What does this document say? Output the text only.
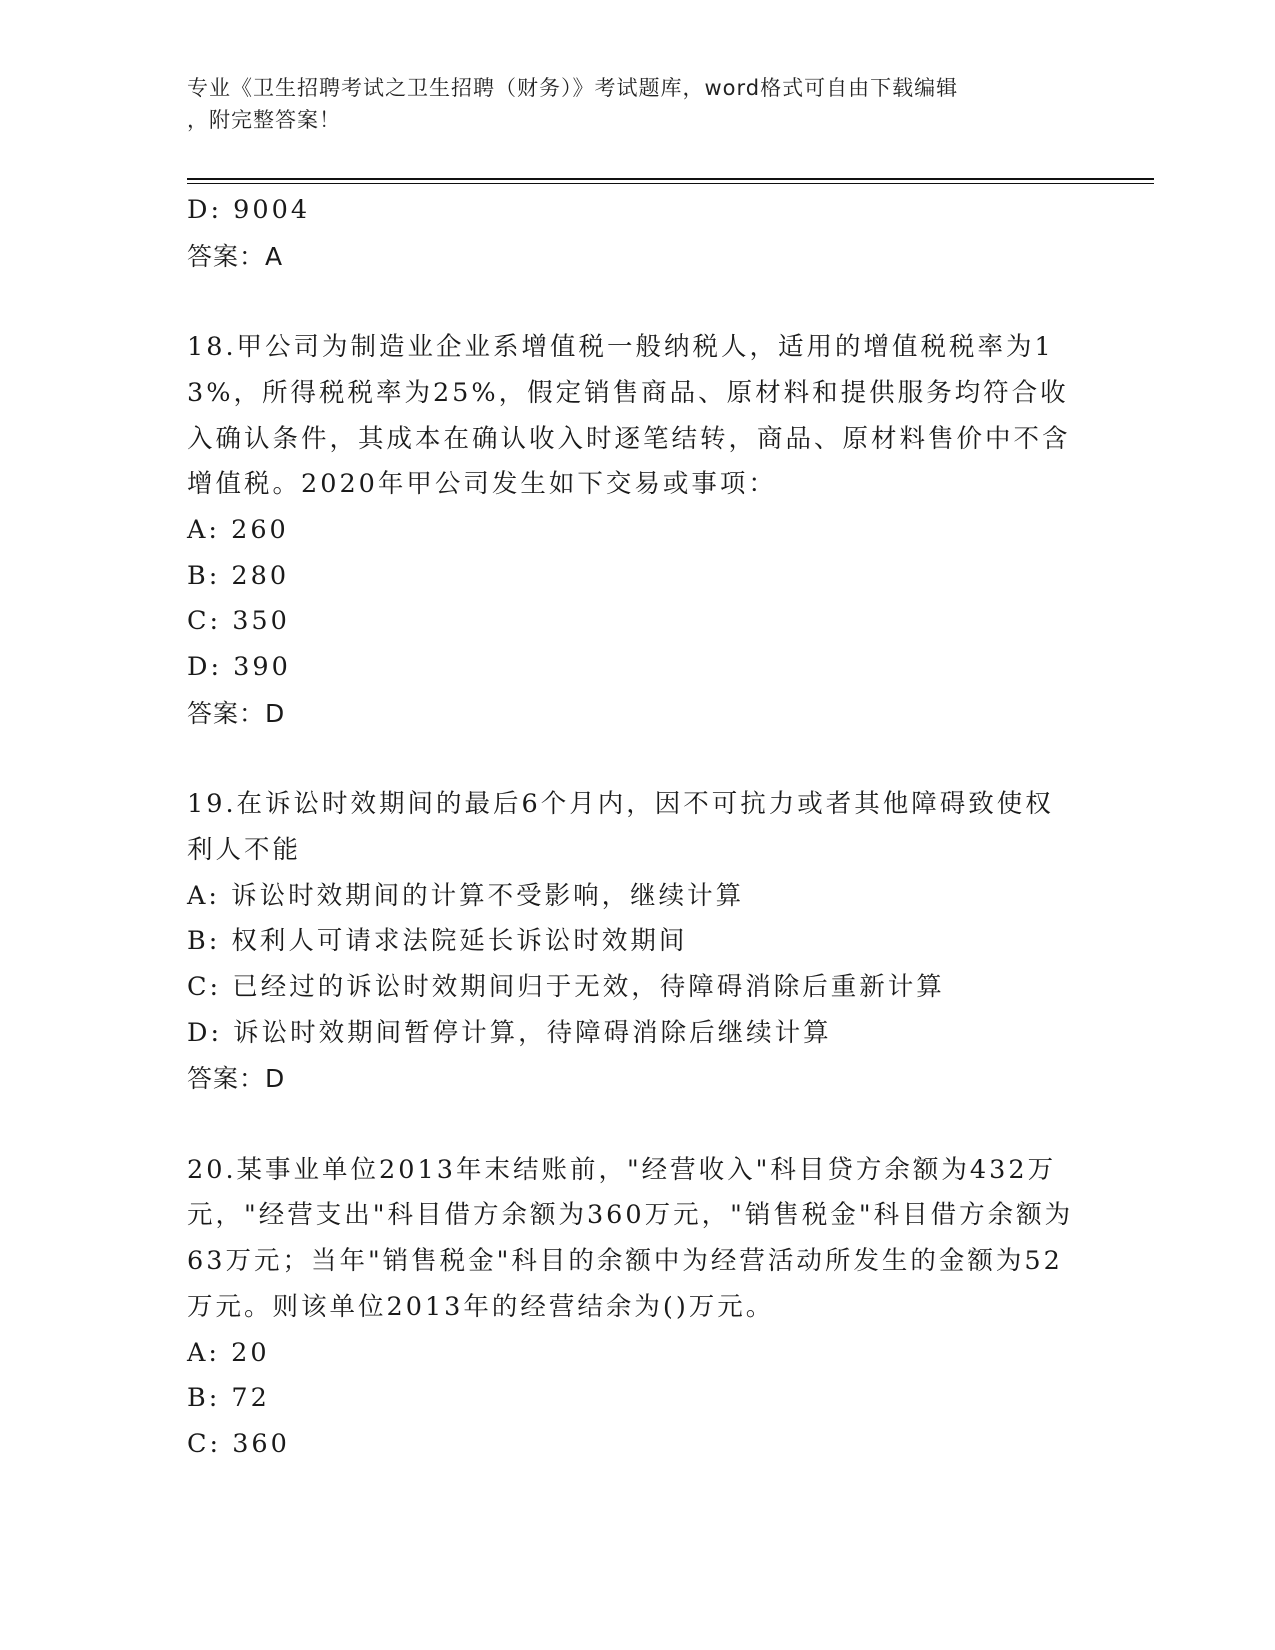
专业《卫生招聘考试之卫生招聘（财务）》考试题库，word格式可自由下载编辑
，附完整答案！
D: 9004
答案：A
18.甲公司为制造业企业系增值税一般纳税人，适用的增值税税率为13%，所得税税率为25%，假定销售商品、原材料和提供服务均符合收入确认条件，其成本在确认收入时逐笔结转，商品、原材料售价中不含增值税。2020年甲公司发生如下交易或事项：
A: 260
B: 280
C: 350
D: 390
答案：D
19.在诉讼时效期间的最后6个月内，因不可抗力或者其他障碍致使权利人不能
A: 诉讼时效期间的计算不受影响，继续计算
B: 权利人可请求法院延长诉讼时效期间
C: 已经过的诉讼时效期间归于无效，待障碍消除后重新计算
D: 诉讼时效期间暂停计算，待障碍消除后继续计算
答案：D
20.某事业单位2013年末结账前，"经营收入"科目贷方余额为432万元，"经营支出"科目借方余额为360万元，"销售税金"科目借方余额为63万元；当年"销售税金"科目的余额中为经营活动所发生的金额为52万元。则该单位2013年的经营结余为()万元。
A: 20
B: 72
C: 360
